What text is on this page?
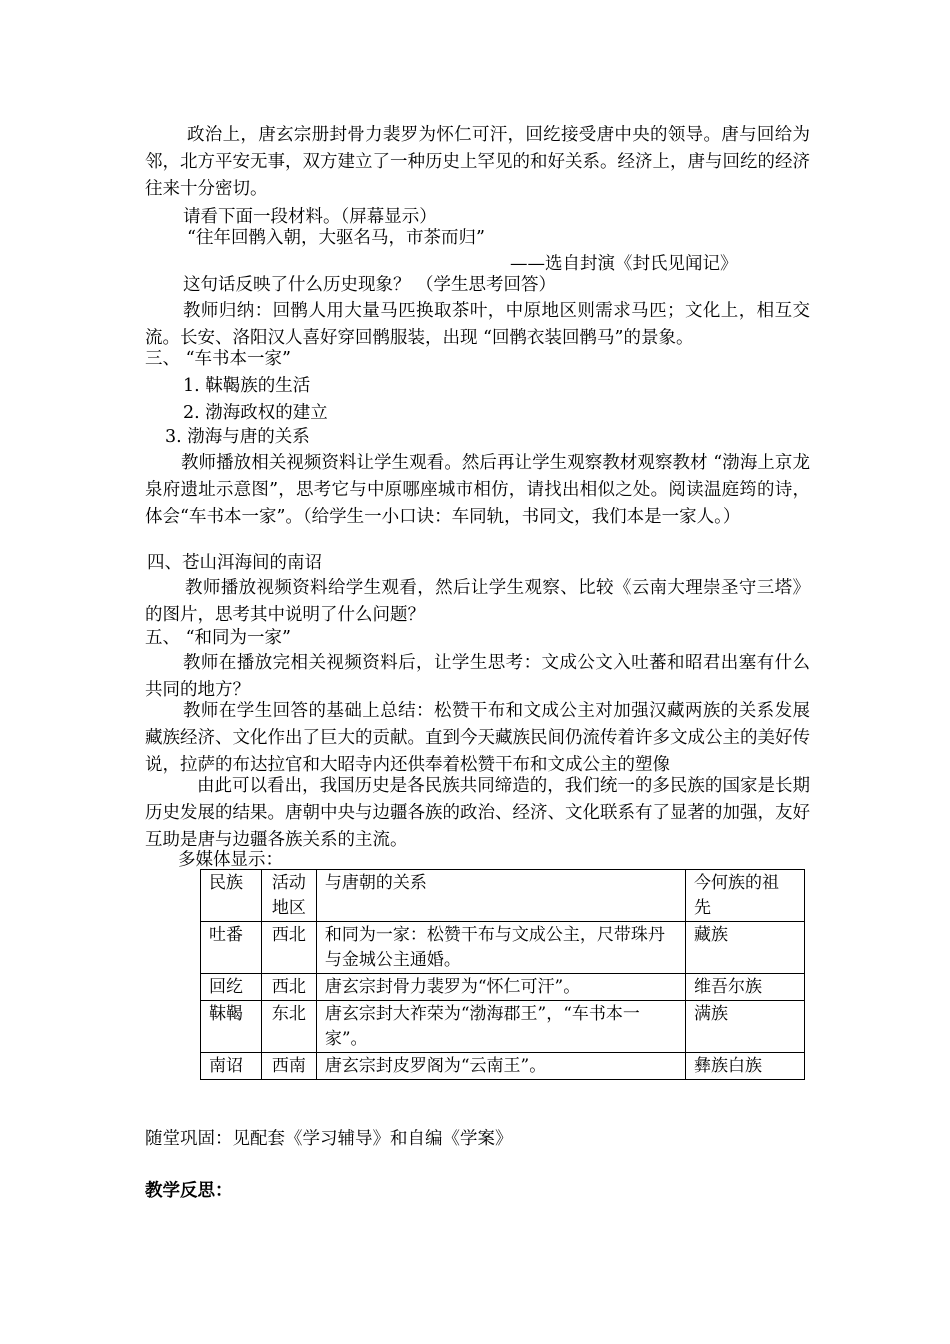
政治上，唐玄宗册封骨力裴罗为怀仁可汗，回纥接受唐中央的领导。唐与回给为邻，北方平安无事，双方建立了一种历史上罕见的和好关系。经济上，唐与回纥的经济往来十分密切。
请看下面一段材料。（屏幕显示）
“往年回鹘入朝，大驱名马，市茶而归”
——选自封演《封氏见闻记》
这句话反映了什么历史现象？ （学生思考回答）
教师归纳：回鹘人用大量马匹换取茶叶，中原地区则需求马匹；文化上，相互交流。长安、洛阳汉人喜好穿回鹘服装，出现 “回鹘衣装回鹘马”的景象。
三、 “车书本一家”
1. 靺鞨族的生活
2. 渤海政权的建立
3. 渤海与唐的关系
教师播放相关视频资料让学生观看。然后再让学生观察教材观察教材 “渤海上京龙泉府遗址示意图”，思考它与中原哪座城市相仿，请找出相似之处。阅读温庭筠的诗，体会“车书本一家”。（给学生一小口诀：车同轨，书同文，我们本是一家人。）
四、苍山洱海间的南诏
教师播放视频资料给学生观看，然后让学生观察、比较《云南大理崇圣守三塔》的图片，思考其中说明了什么问题？
五、 “和同为一家”
教师在播放完相关视频资料后，让学生思考：文成公文入吐蕃和昭君出塞有什么共同的地方？
教师在学生回答的基础上总结：松赞干布和文成公主对加强汉藏两族的关系发展藏族经济、文化作出了巨大的贡献。直到今天藏族民间仍流传着许多文成公主的美好传说，拉萨的布达拉官和大昭寺内还供奉着松赞干布和文成公主的塑像
由此可以看出，我国历史是各民族共同缔造的，我们统一的多民族的国家是长期历史发展的结果。唐朝中央与边疆各族的政治、经济、文化联系有了显著的加强，友好互助是唐与边疆各族关系的主流。
多媒体显示：
民族	活动地区	与唐朝的关系	今何族的祖先
吐番	西北	和同为一家：松赞干布与文成公主，尺带珠丹与金城公主通婚。	藏族
回纥	西北	唐玄宗封骨力裴罗为“怀仁可汗”。	维吾尔族
靺鞨	东北	唐玄宗封大祚荣为“渤海郡王”，“车书本一家”。	满族
南诏	西南	唐玄宗封皮罗阁为“云南王”。	彝族白族
随堂巩固：见配套《学习辅导》和自编《学案》
教学反思：
